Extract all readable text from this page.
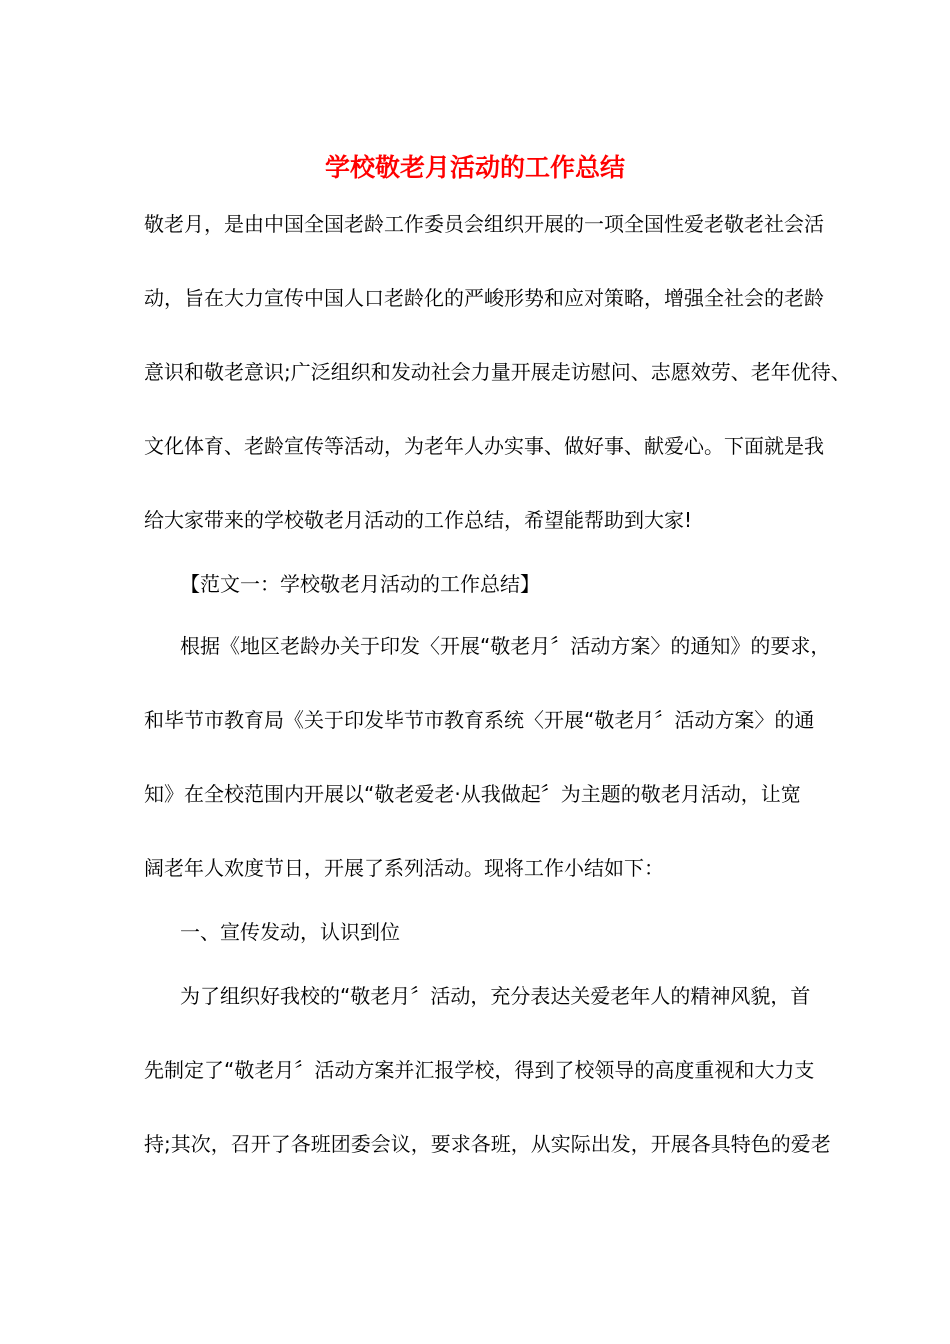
学校敬老月活动的工作总结

敬老月，是由中国全国老龄工作委员会组织开展的一项全国性爱老敬老社会活

动，旨在大力宣传中国人口老龄化的严峻形势和应对策略，增强全社会的老龄

意识和敬老意识;广泛组织和发动社会力量开展走访慰问、志愿效劳、老年优待、

文化体育、老龄宣传等活动，为老年人办实事、做好事、献爱心。下面就是我

给大家带来的学校敬老月活动的工作总结，希望能帮助到大家!

【范文一：学校敬老月活动的工作总结】

根据《地区老龄办关于印发〈开展“敬老月〞活动方案〉的通知》的要求，

和毕节市教育局《关于印发毕节市教育系统〈开展“敬老月〞活动方案〉的通

知》在全校范围内开展以“敬老爱老·从我做起〞为主题的敬老月活动，让宽

阔老年人欢度节日，开展了系列活动。现将工作小结如下：

一、宣传发动，认识到位

为了组织好我校的“敬老月〞活动，充分表达关爱老年人的精神风貌，首

先制定了“敬老月〞活动方案并汇报学校，得到了校领导的高度重视和大力支

持;其次，召开了各班团委会议，要求各班，从实际出发，开展各具特色的爱老
